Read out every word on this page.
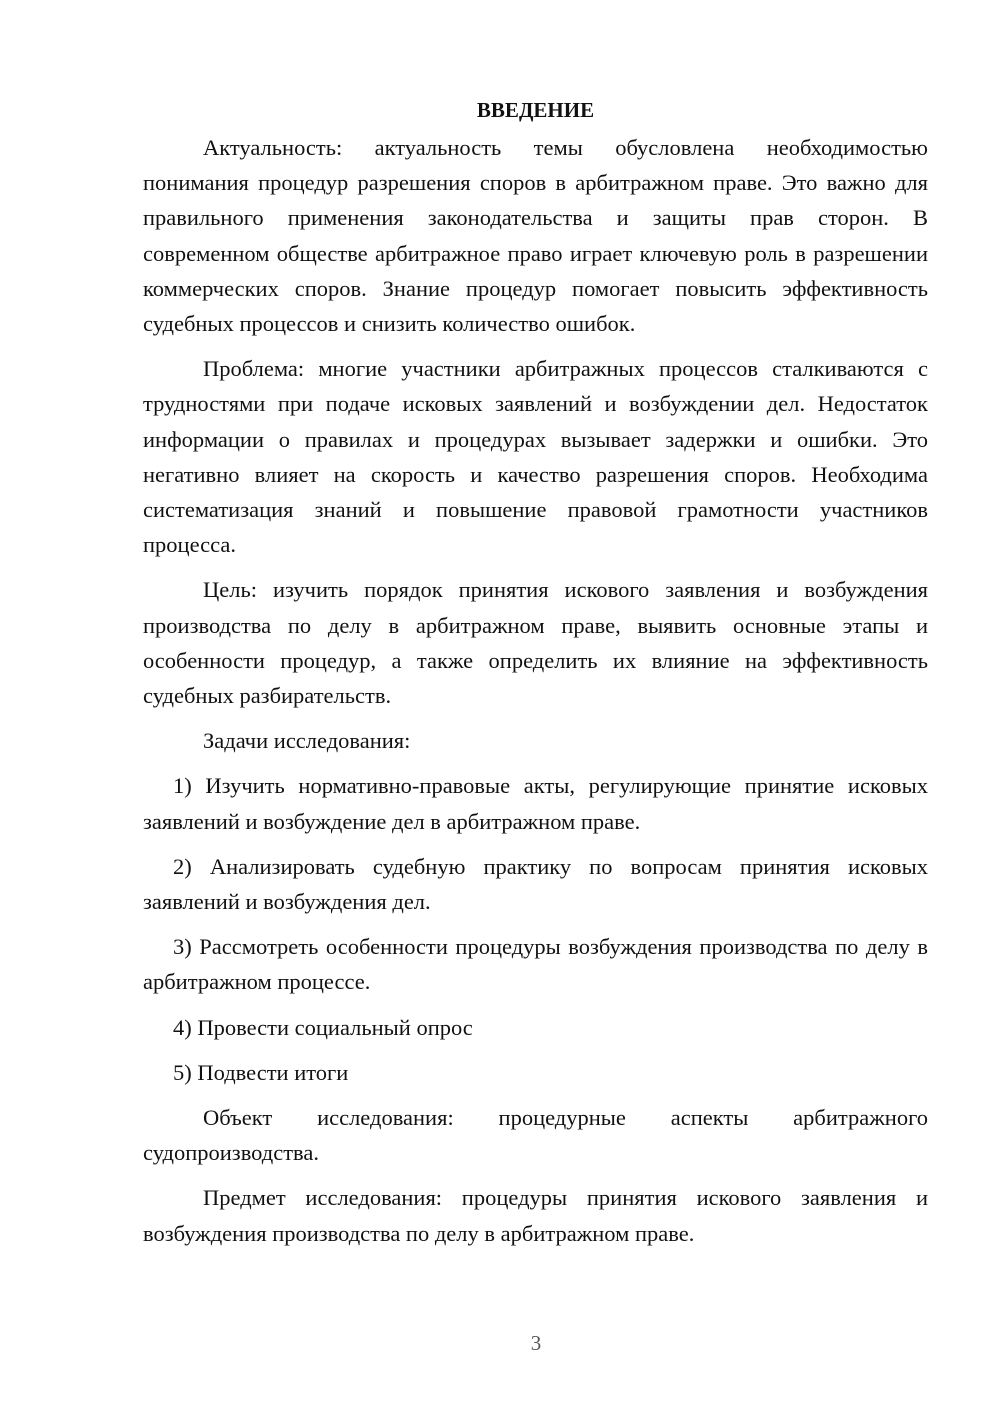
ВВЕДЕНИЕ

Актуальность: актуальность темы обусловлена необходимостью понимания процедур разрешения споров в арбитражном праве. Это важно для правильного применения законодательства и защиты прав сторон. В современном обществе арбитражное право играет ключевую роль в разрешении коммерческих споров. Знание процедур помогает повысить эффективность судебных процессов и снизить количество ошибок.

Проблема: многие участники арбитражных процессов сталкиваются с трудностями при подаче исковых заявлений и возбуждении дел. Недостаток информации о правилах и процедурах вызывает задержки и ошибки. Это негативно влияет на скорость и качество разрешения споров. Необходима систематизация знаний и повышение правовой грамотности участников процесса.

Цель: изучить порядок принятия искового заявления и возбуждения производства по делу в арбитражном праве, выявить основные этапы и особенности процедур, а также определить их влияние на эффективность судебных разбирательств.

Задачи исследования:

1) Изучить нормативно-правовые акты, регулирующие принятие исковых заявлений и возбуждение дел в арбитражном праве.

2) Анализировать судебную практику по вопросам принятия исковых заявлений и возбуждения дел.

3) Рассмотреть особенности процедуры возбуждения производства по делу в арбитражном процессе.

4) Провести социальный опрос

5) Подвести итоги

Объект исследования: процедурные аспекты арбитражного судопроизводства.

Предмет исследования: процедуры принятия искового заявления и возбуждения производства по делу в арбитражном праве.

3
